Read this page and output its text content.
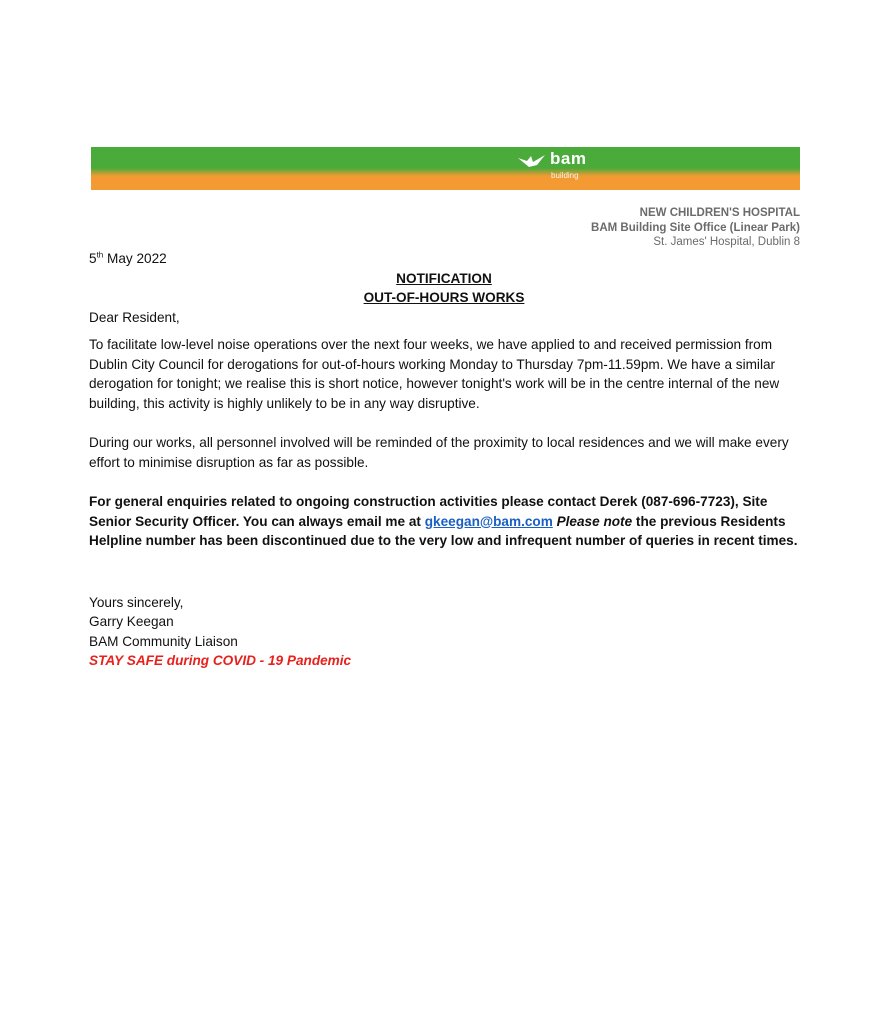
bam
building
NEW CHILDREN'S HOSPITAL
BAM Building Site Office (Linear Park)
St. James' Hospital, Dublin 8
5th May 2022
NOTIFICATION
OUT-OF-HOURS WORKS
Dear Resident,

To facilitate low-level noise operations over the next four weeks, we have applied to and received permission from Dublin City Council for derogations for out-of-hours working Monday to Thursday 7pm-11.59pm. We have a similar derogation for tonight; we realise this is short notice, however tonight's work will be in the centre internal of the new building, this activity is highly unlikely to be in any way disruptive.

During our works, all personnel involved will be reminded of the proximity to local residences and we will make every effort to minimise disruption as far as possible.

For general enquiries related to ongoing construction activities please contact Derek (087-696-7723), Site Senior Security Officer. You can always email me at gkeegan@bam.com Please note the previous Residents Helpline number has been discontinued due to the very low and infrequent number of queries in recent times.

Yours sincerely,
Garry Keegan
BAM Community Liaison
STAY SAFE during COVID - 19 Pandemic
